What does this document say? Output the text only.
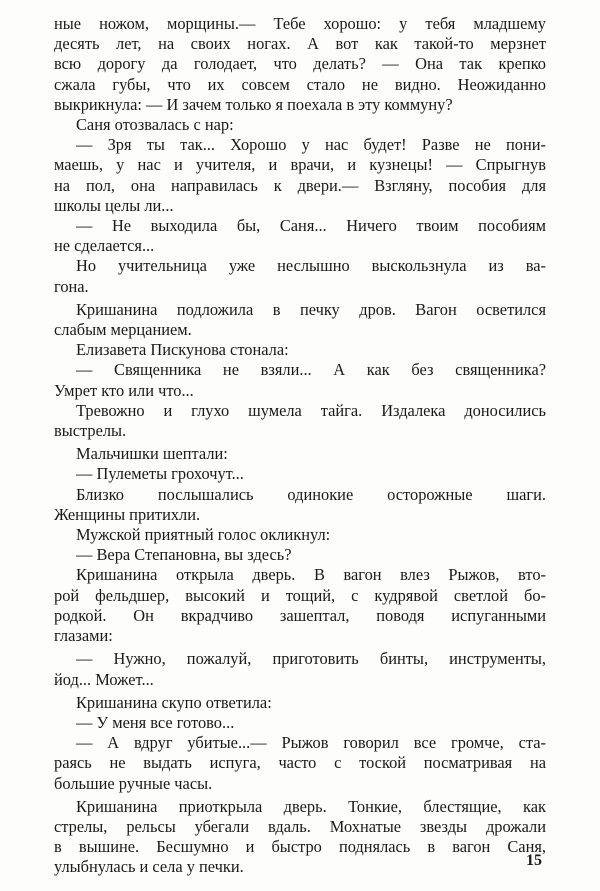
ные ножом, морщины.— Тебе хорошо: у тебя младшему

десять лет, на своих ногах. А вот как такой-то мерзнет

всю дорогу да голодает, что делать? — Она так крепко

сжала губы, что их совсем стало не видно. Неожиданно

выкрикнула: — И зачем только я поехала в эту коммуну?

Саня отозвалась с нар:

— Зря ты так... Хорошо у нас будет! Разве не пони-

маешь, у нас и учителя, и врачи, и кузнецы! — Спрыгнув

на пол, она направилась к двери.— Взгляну, пособия для

школы целы ли...

— Не выходила бы, Саня... Ничего твоим пособиям

не сделается...

Но учительница уже неслышно выскользнула из ва-

гона.

Кришанина подложила в печку дров. Вагон осветился

слабым мерцанием.

Елизавета Пискунова стонала:

— Священника не взяли... А как без священника?

Умрет кто или что...

Тревожно и глухо шумела тайга. Издалека доносились

выстрелы.

Мальчишки шептали:

— Пулеметы грохочут...

Близко послышались одинокие осторожные шаги.

Женщины притихли.

Мужской приятный голос окликнул:

— Вера Степановна, вы здесь?

Кришанина открыла дверь. В вагон влез Рыжов, вто-

рой фельдшер, высокий и тощий, с кудрявой светлой бо-

родкой. Он вкрадчиво зашептал, поводя испуганными

глазами:

— Нужно, пожалуй, приготовить бинты, инструменты,

йод... Может...

Кришанина скупо ответила:

— У меня все готово...

— А вдруг убитые...— Рыжов говорил все громче, ста-

раясь не выдать испуга, часто с тоской посматривая на

большие ручные часы.

Кришанина приоткрыла дверь. Тонкие, блестящие, как

стрелы, рельсы убегали вдаль. Мохнатые звезды дрожали

в вышине. Бесшумно и быстро поднялась в вагон Саня,

улыбнулась и села у печки.	15
